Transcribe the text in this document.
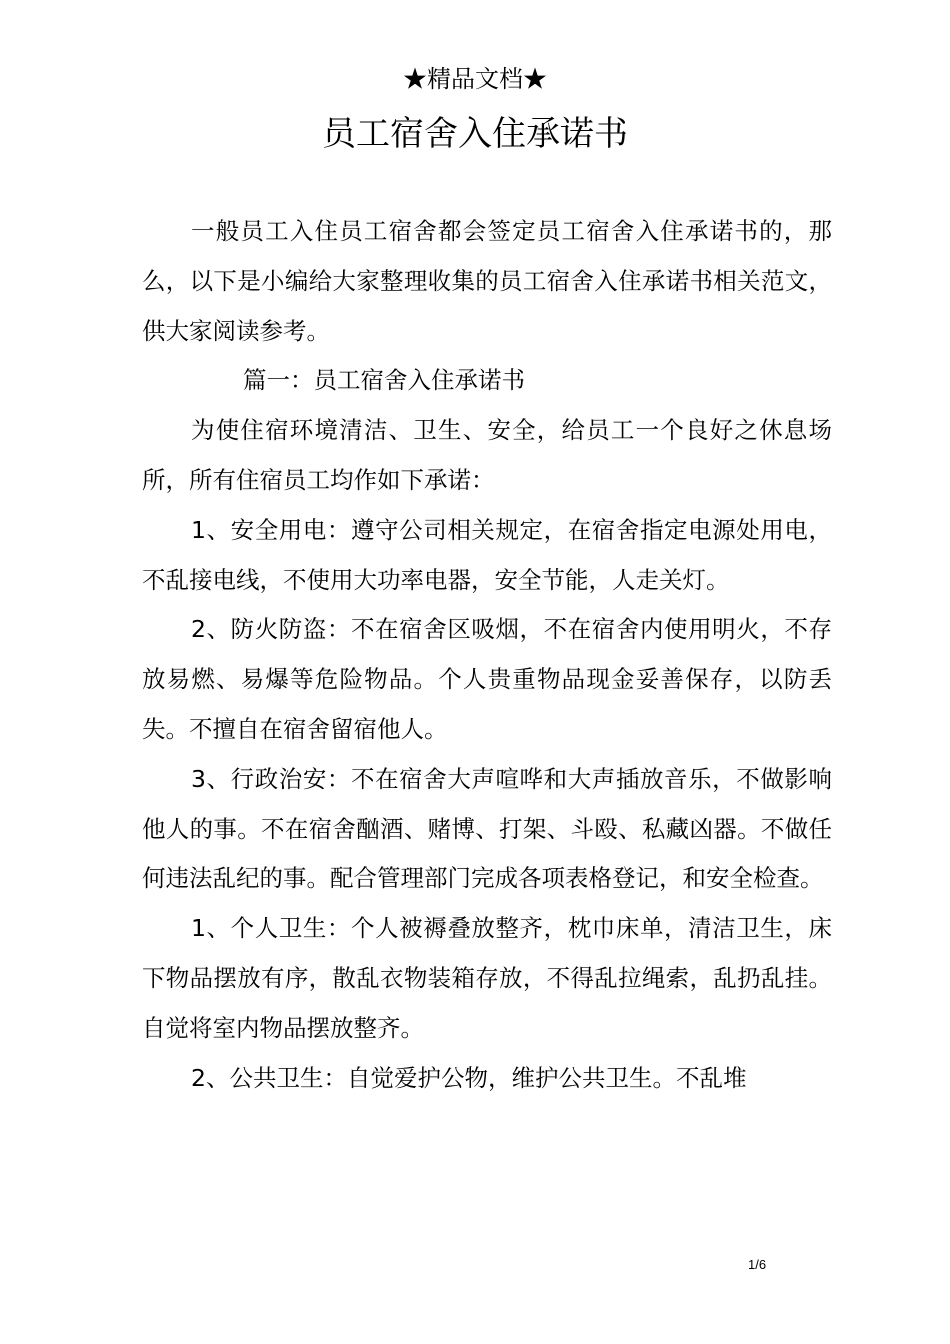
★精品文档★
员工宿舍入住承诺书

一般员工入住员工宿舍都会签定员工宿舍入住承诺书的，那么，以下是小编给大家整理收集的员工宿舍入住承诺书相关范文，供大家阅读参考。

篇一：员工宿舍入住承诺书

为使住宿环境清洁、卫生、安全，给员工一个良好之休息场所，所有住宿员工均作如下承诺：

1、安全用电：遵守公司相关规定，在宿舍指定电源处用电，不乱接电线，不使用大功率电器，安全节能，人走关灯。

2、防火防盗：不在宿舍区吸烟，不在宿舍内使用明火，不存放易燃、易爆等危险物品。个人贵重物品现金妥善保存，以防丢失。不擅自在宿舍留宿他人。

3、行政治安：不在宿舍大声喧哗和大声插放音乐，不做影响他人的事。不在宿舍酗酒、赌博、打架、斗殴、私藏凶器。不做任何违法乱纪的事。配合管理部门完成各项表格登记，和安全检查。

1、个人卫生：个人被褥叠放整齐，枕巾床单，清洁卫生，床下物品摆放有序，散乱衣物装箱存放，不得乱拉绳索，乱扔乱挂。自觉将室内物品摆放整齐。

2、公共卫生：自觉爱护公物，维护公共卫生。不乱堆

1/6
